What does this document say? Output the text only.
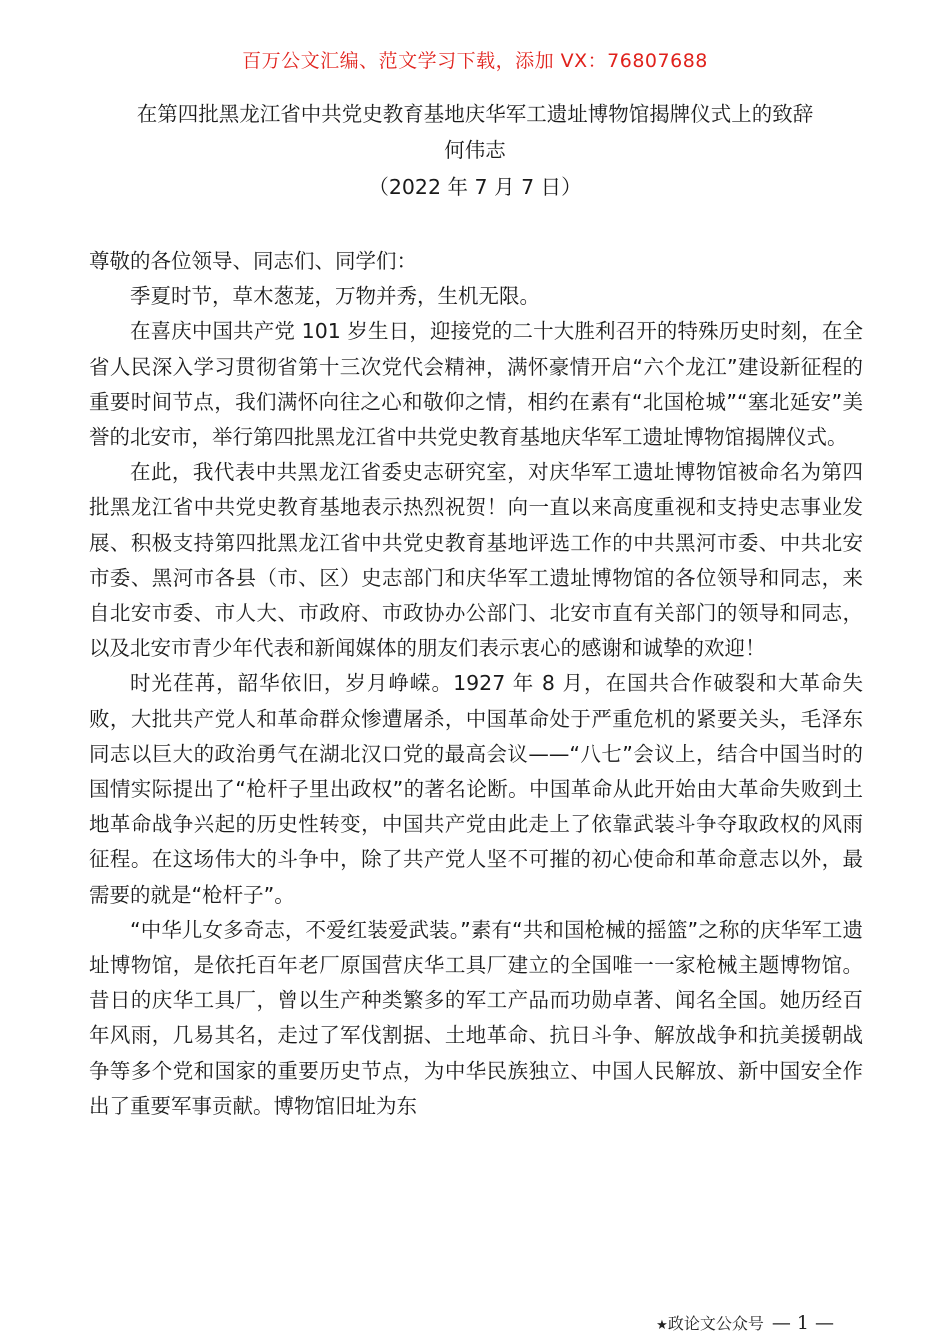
百万公文汇编、范文学习下载，添加 VX：76807688
在第四批黑龙江省中共党史教育基地庆华军工遗址博物馆揭牌仪式上的致辞
何伟志
（2022 年 7 月 7 日）

尊敬的各位领导、同志们、同学们：

季夏时节，草木葱茏，万物并秀，生机无限。

在喜庆中国共产党 101 岁生日，迎接党的二十大胜利召开的特殊历史时刻，在全省人民深入学习贯彻省第十三次党代会精神，满怀豪情开启“六个龙江”建设新征程的重要时间节点，我们满怀向往之心和敬仰之情，相约在素有“北国枪城”“塞北延安”美誉的北安市，举行第四批黑龙江省中共党史教育基地庆华军工遗址博物馆揭牌仪式。

在此，我代表中共黑龙江省委史志研究室，对庆华军工遗址博物馆被命名为第四批黑龙江省中共党史教育基地表示热烈祝贺！向一直以来高度重视和支持史志事业发展、积极支持第四批黑龙江省中共党史教育基地评选工作的中共黑河市委、中共北安市委、黑河市各县（市、区）史志部门和庆华军工遗址博物馆的各位领导和同志，来自北安市委、市人大、市政府、市政协办公部门、北安市直有关部门的领导和同志，以及北安市青少年代表和新闻媒体的朋友们表示衷心的感谢和诚挚的欢迎！

时光荏苒，韶华依旧，岁月峥嵘。1927 年 8 月，在国共合作破裂和大革命失败，大批共产党人和革命群众惨遭屠杀，中国革命处于严重危机的紧要关头，毛泽东同志以巨大的政治勇气在湖北汉口党的最高会议——“八七”会议上，结合中国当时的国情实际提出了“枪杆子里出政权”的著名论断。中国革命从此开始由大革命失败到土地革命战争兴起的历史性转变，中国共产党由此走上了依靠武装斗争夺取政权的风雨征程。在这场伟大的斗争中，除了共产党人坚不可摧的初心使命和革命意志以外，最需要的就是“枪杆子”。

“中华儿女多奇志，不爱红装爱武装。”素有“共和国枪械的摇篮”之称的庆华军工遗址博物馆，是依托百年老厂原国营庆华工具厂建立的全国唯一一家枪械主题博物馆。昔日的庆华工具厂，曾以生产种类繁多的军工产品而功勋卓著、闻名全国。她历经百年风雨，几易其名，走过了军伐割据、土地革命、抗日斗争、解放战争和抗美援朝战争等多个党和国家的重要历史节点，为中华民族独立、中国人民解放、新中国安全作出了重要军事贡献。博物馆旧址为东

★政论文公众号 — 1 —
